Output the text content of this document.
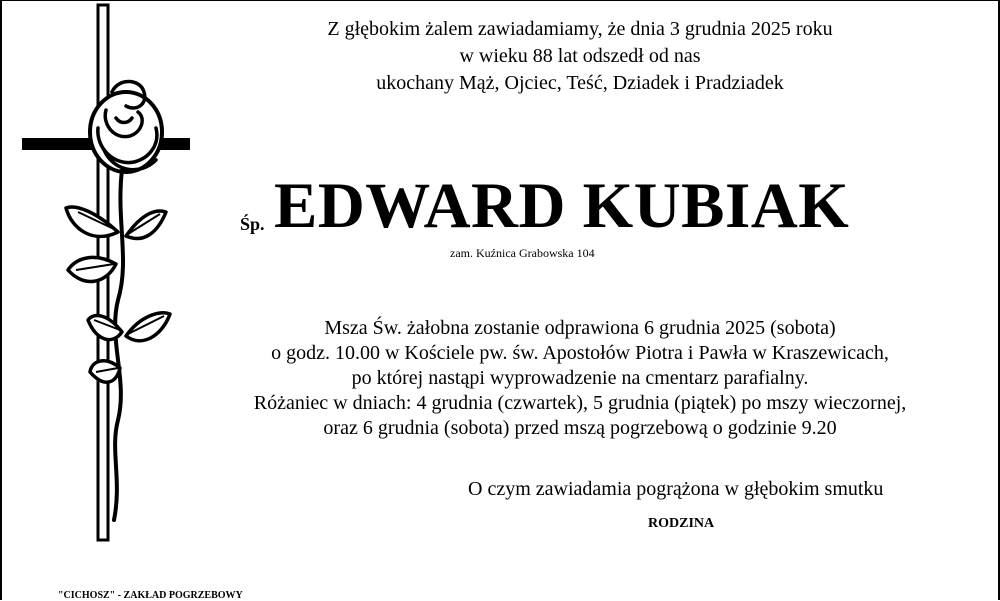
Z głębokim żalem zawiadamiamy, że dnia 3 grudnia 2025 roku
w wieku 88 lat odszedł od nas
ukochany Mąż, Ojciec, Teść, Dziadek i Pradziadek
Śp. EDWARD KUBIAK
zam. Kuźnica Grabowska 104
Msza Św. żałobna zostanie odprawiona 6 grudnia 2025 (sobota)
o godz. 10.00 w Kościele pw. św. Apostołów Piotra i Pawła w Kraszewicach,
po której nastąpi wyprowadzenie na cmentarz parafialny.
Różaniec w dniach: 4 grudnia (czwartek), 5 grudnia (piątek) po mszy wieczornej,
oraz 6 grudnia (sobota) przed mszą pogrzebową o godzinie 9.20
O czym zawiadamia pogrążona w głębokim smutku
RODZINA
"CICHOSZ" - ZAKŁAD POGRZEBOWY
